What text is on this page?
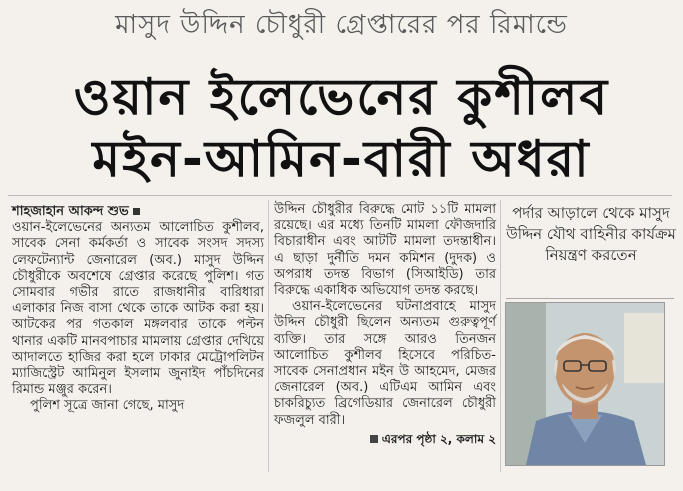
মাসুদ উদ্দিন চৌধুরী গ্রেপ্তারের পর রিমান্ডে
ওয়ান ইলেভেনের কুশীলব
মইন-আমিন-বারী অধরা
শাহজাহান আকন্দ শুভ

ওয়ান-ইলেভেনের অন্যতম আলোচিত কুশীলব, সাবেক সেনা কর্মকর্তা ও সাবেক সংসদ সদস্য লেফটেন্যান্ট জেনারেল (অব.) মাসুদ উদ্দিন চৌধুরীকে অবশেষে গ্রেপ্তার করেছে পুলিশ। গত সোমবার গভীর রাতে রাজধানীর বারিধারা এলাকার নিজ বাসা থেকে তাকে আটক করা হয়। আটকের পর গতকাল মঙ্গলবার তাকে পল্টন থানার একটি মানবপাচার মামলায় গ্রেপ্তার দেখিয়ে আদালতে হাজির করা হলে ঢাকার মেট্রোপলিটন ম্যাজিস্ট্রেট আমিনুল ইসলাম জুনাইদ পাঁচদিনের রিমান্ড মঞ্জুর করেন।

পুলিশ সূত্রে জানা গেছে, মাসুদ

উদ্দিন চৌধুরীর বিরুদ্ধে মোট ১১টি মামলা রয়েছে। এর মধ্যে তিনটি মামলা ফৌজদারি বিচারাধীন এবং আটটি মামলা তদন্তাধীন। এ ছাড়া দুর্নীতি দমন কমিশন (দুদক) ও অপরাধ তদন্ত বিভাগ (সিআইডি) তার বিরুদ্ধে একাধিক অভিযোগ তদন্ত করছে।

ওয়ান-ইলেভেনের ঘটনাপ্রবাহে মাসুদ উদ্দিন চৌধুরী ছিলেন অন্যতম গুরুত্বপূর্ণ ব্যক্তি। তার সঙ্গে আরও তিনজন আলোচিত কুশীলব হিসেবে পরিচিত- সাবেক সেনাপ্রধান মইন উ আহমেদ, মেজর জেনারেল (অব.) এটিএম আমিন এবং চাকরিচ্যুত ব্রিগেডিয়ার জেনারেল চৌধুরী ফজলুল বারী।

এরপর পৃষ্ঠা ২, কলাম ২
পর্দার আড়ালে থেকে মাসুদ উদ্দিন যৌথ বাহিনীর কার্যক্রম নিয়ন্ত্রণ করতেন
